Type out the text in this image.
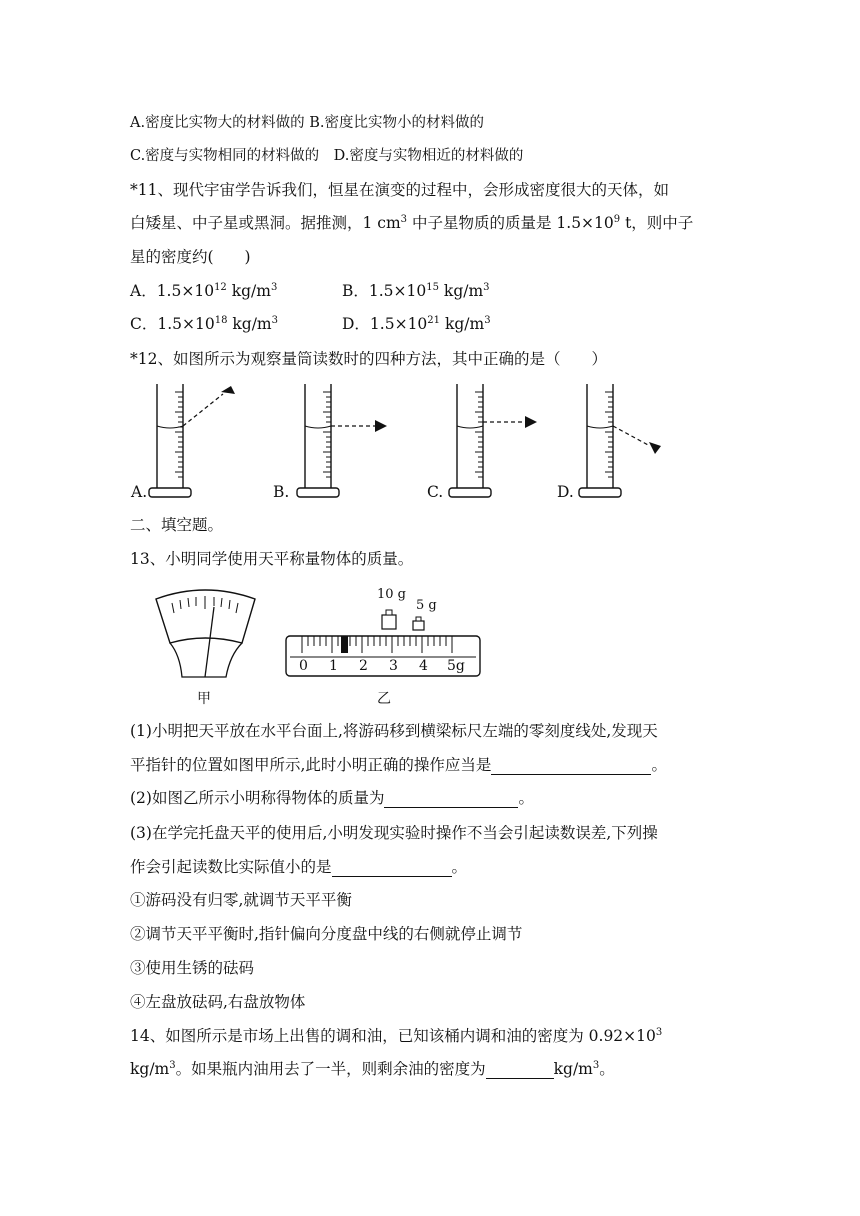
A.密度比实物大的材料做的 B.密度比实物小的材料做的
C.密度与实物相同的材料做的　D.密度与实物相近的材料做的
*11、现代宇宙学告诉我们，恒星在演变的过程中，会形成密度很大的天体，如
白矮星、中子星或黑洞。据推测，1 $cm^3$ 中子星物质的质量是 $1.5\times 10^9$ t，则中子
星的密度约(　　)
A．$1.5\times 10^{12}$ $kg/m^3$	B．$1.5\times 10^{15}$ $kg/m^3$
C．$1.5\times 10^{18}$ $kg/m^3$	D．$1.5\times 10^{21}$ $kg/m^3$
*12、如图所示为观察量筒读数时的四种方法，其中正确的是（　　）
A.	B.	C.	D.
二、填空题。
13、小明同学使用天平称量物体的质量。
10 g
5 g
0 1 2 3 4 5g
甲	乙
(1)小明把天平放在水平台面上,将游码移到横梁标尺左端的零刻度线处,发现天
平指针的位置如图甲所示,此时小明正确的操作应当是	。
(2)如图乙所示小明称得物体的质量为	。
(3)在学完托盘天平的使用后,小明发现实验时操作不当会引起读数误差,下列操
作会引起读数比实际值小的是	。
①游码没有归零,就调节天平平衡
②调节天平平衡时,指针偏向分度盘中线的右侧就停止调节
③使用生锈的砝码
④左盘放砝码,右盘放物体
14、如图所示是市场上出售的调和油，已知该桶内调和油的密度为 $0.92\times 10^3$
$kg/m^3$。如果瓶内油用去了一半，则剩余油的密度为	$kg/m^3$。
